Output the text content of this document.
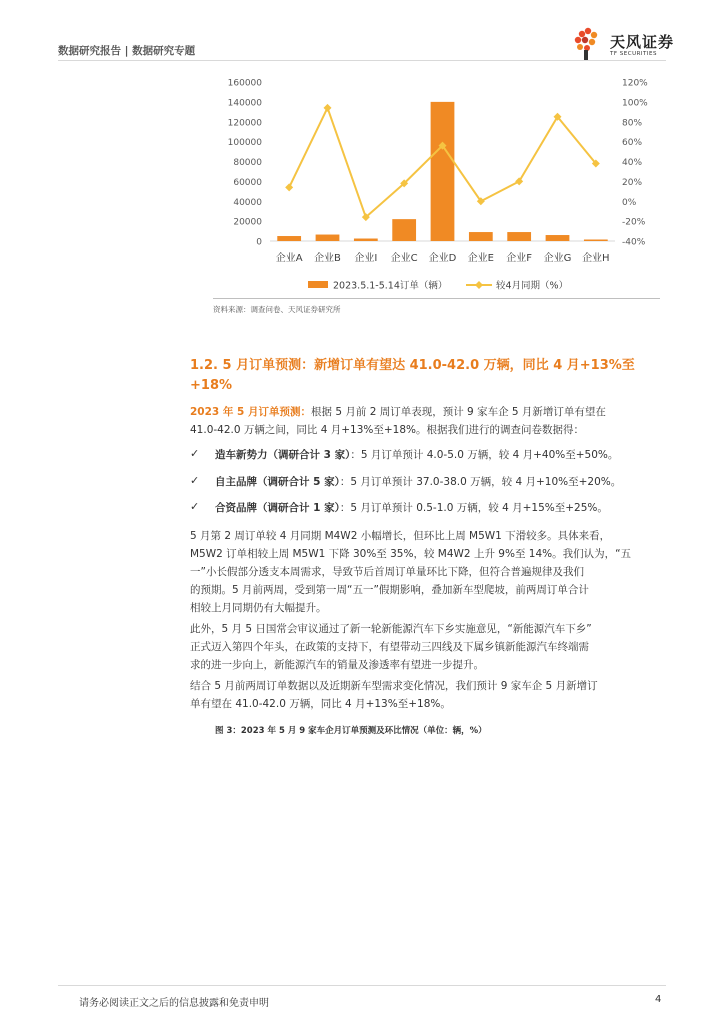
数据研究报告 | 数据研究专题	天风证券
TF SECURITIES
0
20000
40000
60000
80000
100000
120000
140000
160000
-40%
-20%
0%
20%
40%
60%
80%
100%
120%
企业A 企业B 企业I 企业C 企业D 企业E 企业F 企业G 企业H
2023.5.1-5.14订单（辆）	较4月同期（%）
资料来源：调查问卷、天风证券研究所
1.2. 5 月订单预测：新增订单有望达 41.0-42.0 万辆，同比 4 月+13%至+18%
2023 年 5 月订单预测：根据 5 月前 2 周订单表现，预计 9 家车企 5 月新增订单有望在
41.0-42.0 万辆之间，同比 4 月+13%至+18%。根据我们进行的调查问卷数据得：
✓ 造车新势力（调研合计 3 家）：5 月订单预计 4.0-5.0 万辆，较 4 月+40%至+50%。
✓ 自主品牌（调研合计 5 家）：5 月订单预计 37.0-38.0 万辆，较 4 月+10%至+20%。
✓ 合资品牌（调研合计 1 家）：5 月订单预计 0.5-1.0 万辆，较 4 月+15%至+25%。
5 月第 2 周订单较 4 月同期 M4W2 小幅增长，但环比上周 M5W1 下滑较多。具体来看，
M5W2 订单相较上周 M5W1 下降 30%至 35%，较 M4W2 上升 9%至 14%。我们认为，“五
一”小长假部分透支本周需求，导致节后首周订单量环比下降，但符合普遍规律及我们
的预期。5 月前两周，受到第一周“五一”假期影响，叠加新车型爬坡，前两周订单合计
相较上月同期仍有大幅提升。
此外，5 月 5 日国常会审议通过了新一轮新能源汽车下乡实施意见，“新能源汽车下乡”
正式迈入第四个年头，在政策的支持下，有望带动三四线及下属乡镇新能源汽车终端需
求的进一步向上，新能源汽车的销量及渗透率有望进一步提升。
结合 5 月前两周订单数据以及近期新车型需求变化情况，我们预计 9 家车企 5 月新增订
单有望在 41.0-42.0 万辆，同比 4 月+13%至+18%。
图 3：2023 年 5 月 9 家车企月订单预测及环比情况（单位：辆，%）
请务必阅读正文之后的信息披露和免责申明	4
